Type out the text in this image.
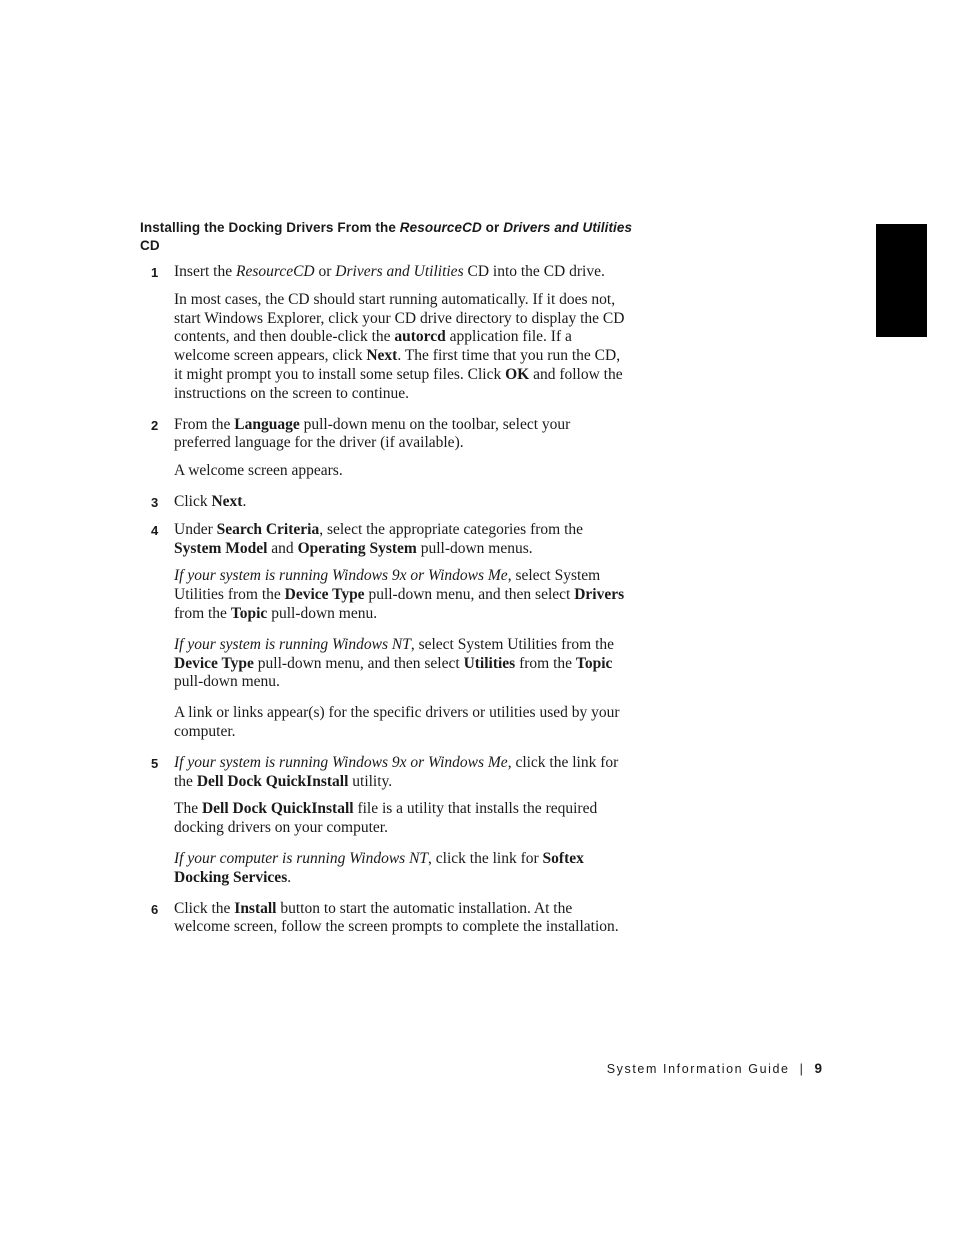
Installing the Docking Drivers From the ResourceCD or Drivers and Utilities CD
1 Insert the ResourceCD or Drivers and Utilities CD into the CD drive.

In most cases, the CD should start running automatically. If it does not, start Windows Explorer, click your CD drive directory to display the CD contents, and then double-click the autorcd application file. If a welcome screen appears, click Next. The first time that you run the CD, it might prompt you to install some setup files. Click OK and follow the instructions on the screen to continue.

2 From the Language pull-down menu on the toolbar, select your preferred language for the driver (if available).

A welcome screen appears.

3 Click Next.

4 Under Search Criteria, select the appropriate categories from the System Model and Operating System pull-down menus.

If your system is running Windows 9x or Windows Me, select System Utilities from the Device Type pull-down menu, and then select Drivers from the Topic pull-down menu.

If your system is running Windows NT, select System Utilities from the Device Type pull-down menu, and then select Utilities from the Topic pull-down menu.

A link or links appear(s) for the specific drivers or utilities used by your computer.

5 If your system is running Windows 9x or Windows Me, click the link for the Dell Dock QuickInstall utility.

The Dell Dock QuickInstall file is a utility that installs the required docking drivers on your computer.

If your computer is running Windows NT, click the link for Softex Docking Services.

6 Click the Install button to start the automatic installation. At the welcome screen, follow the screen prompts to complete the installation.

System Information Guide | 9
